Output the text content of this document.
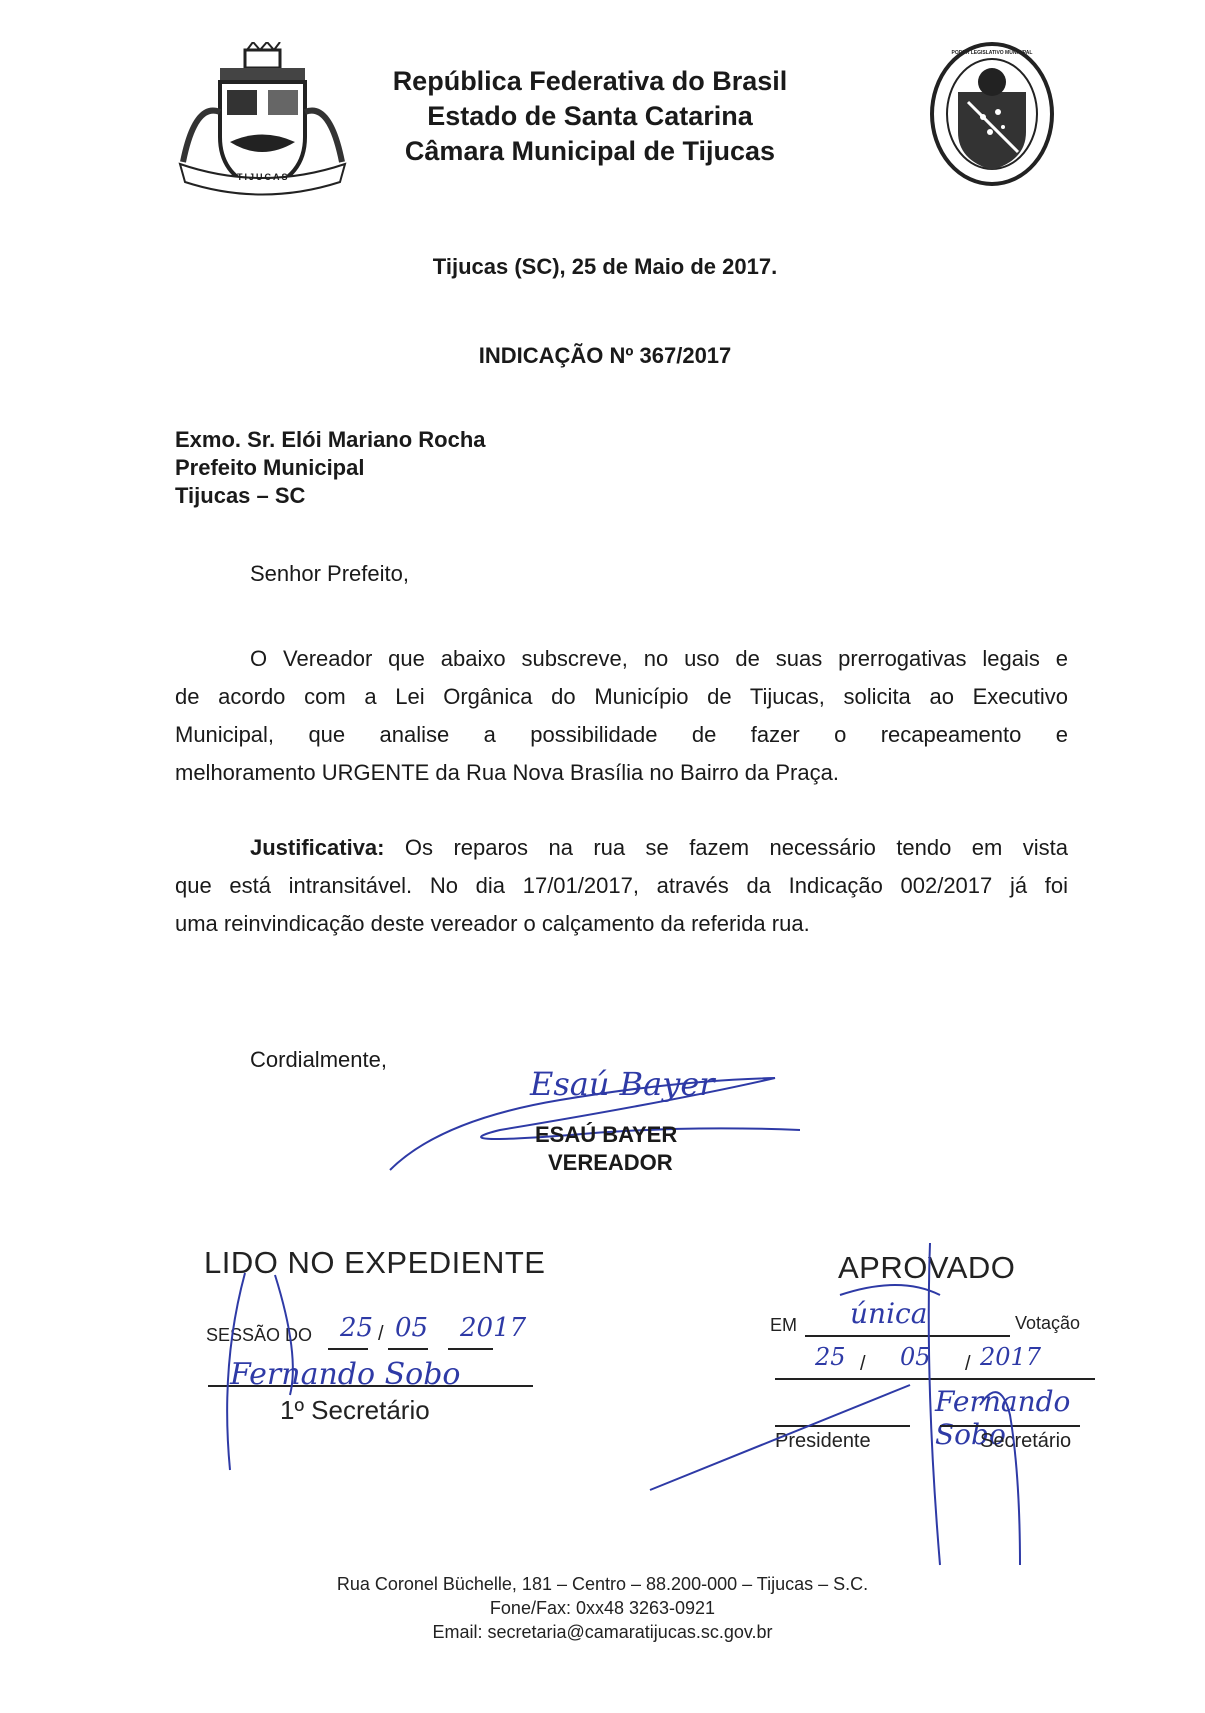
TIJUCAS
República Federativa do Brasil
Estado de Santa Catarina
Câmara Municipal de Tijucas
PODER LEGISLATIVO MUNICIPAL
Tijucas (SC), 25 de Maio de 2017.
INDICAÇÃO Nº 367/2017
Exmo. Sr. Elói Mariano Rocha
Prefeito Municipal
Tijucas – SC
Senhor Prefeito,
O Vereador que abaixo subscreve, no uso de suas prerrogativas legais e
de acordo com a Lei Orgânica do Município de Tijucas, solicita ao Executivo
Municipal, que analise a possibilidade de fazer o recapeamento e
melhoramento URGENTE da Rua Nova Brasília no Bairro da Praça.
Justificativa: Os reparos na rua se fazem necessário tendo em vista
que está intransitável. No dia 17/01/2017, através da Indicação 002/2017 já foi
uma reinvindicação deste vereador o calçamento da referida rua.
Cordialmente,
Esaú Bayer
ESAÚ BAYER
VEREADOR
LIDO NO EXPEDIENTE
SESSÃO DO 25 / 05 2017
Fernando Sobo
1º Secretário
APROVADO
EM única	Votação
25 / 05 / 2017
Fernando Sobo
Presidente	Secretário
Rua Coronel Büchelle, 181 – Centro – 88.200-000 – Tijucas – S.C.
Fone/Fax: 0xx48 3263-0921
Email: secretaria@camaratijucas.sc.gov.br
